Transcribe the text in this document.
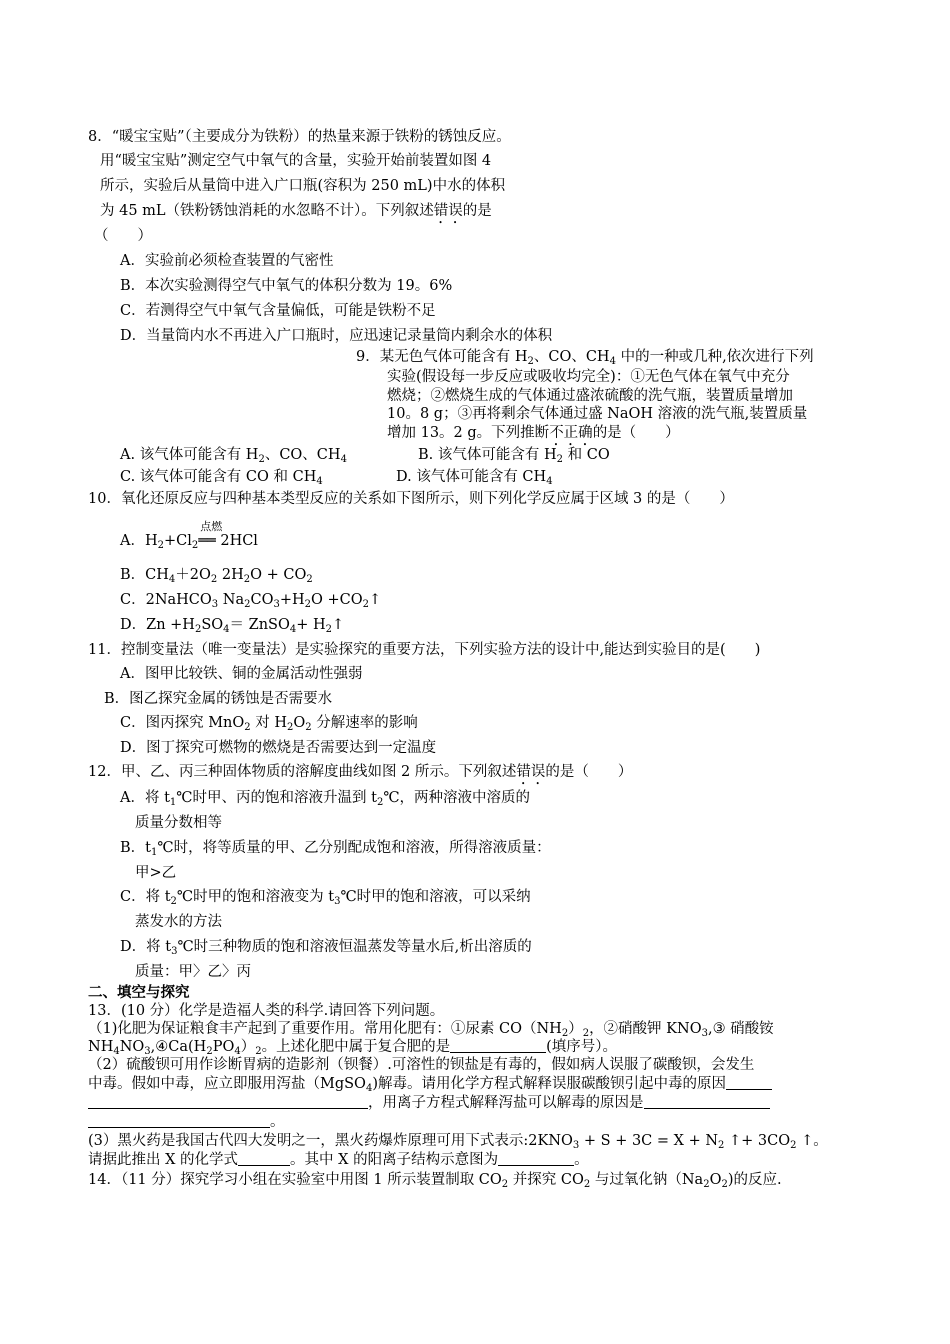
8．“暖宝宝贴”（主要成分为铁粉）的热量来源于铁粉的锈蚀反应。
用“暖宝宝贴”测定空气中氧气的含量，实验开始前装置如图 4
所示，实验后从量筒中进入广口瓶(容积为 250 mL)中水的体积
为 45 mL（铁粉锈蚀消耗的水忽略不计）。下列叙述错误的是
（　　）
A．实验前必须检查装置的气密性
B．本次实验测得空气中氧气的体积分数为 19。6%
C．若测得空气中氧气含量偏低，可能是铁粉不足
D．当量筒内水不再进入广口瓶时，应迅速记录量筒内剩余水的体积
9．某无色气体可能含有 $H_2$、CO、$CH_4$ 中的一种或几种,依次进行下列
实验(假设每一步反应或吸收均完全)：①无色气体在氧气中充分
燃烧；②燃烧生成的气体通过盛浓硫酸的洗气瓶，装置质量增加
10。8 g；③再将剩余气体通过盛 NaOH 溶液的洗气瓶,装置质量
增加 13。2 g。下列推断不正确的是（　　）
A. 该气体可能含有 $H_2$、CO、$CH_4$	B. 该气体可能含有 $H_2$ 和 CO
C. 该气体可能含有 CO 和 $CH_4$	D. 该气体可能含有 $CH_4$
10．氧化还原反应与四种基本类型反应的关系如下图所示，则下列化学反应属于区域 3 的是（　　）
A．$H_2+Cl_2$
点燃
══ 2HCl
B．$CH_4+2O_2$ $2H_2O + CO_2$
C．2NaHCO$_3$ $Na_2CO_3+H_2O$ $+CO_2↑$
D．$Zn +H_2SO_4=$ ZnSO$_4$+ $H_2↑$
11．控制变量法（唯一变量法）是实验探究的重要方法，下列实验方法的设计中,能达到实验目的是(　　)
A．图甲比较铁、铜的金属活动性强弱
B．图乙探究金属的锈蚀是否需要水
C．图丙探究 MnO$_2$ 对 $H_2O_2$ 分解速率的影响
D．图丁探究可燃物的燃烧是否需要达到一定温度
12．甲、乙、丙三种固体物质的溶解度曲线如图 2 所示。下列叙述错误的是（　　）
A．将 $t_1℃$时甲、丙的饱和溶液升温到 $t_2℃$，两种溶液中溶质的
质量分数相等
B．$t_1℃$时，将等质量的甲、乙分别配成饱和溶液，所得溶液质量：
甲>乙
C．将 $t_2℃$时甲的饱和溶液变为 $t_3℃$时甲的饱和溶液，可以采纳
蒸发水的方法
D．将 $t_3℃$时三种物质的饱和溶液恒温蒸发等量水后,析出溶质的
质量：甲〉乙〉丙
二、填空与探究
13．(10 分）化学是造福人类的科学.请回答下列问题。
（1)化肥为保证粮食丰产起到了重要作用。常用化肥有：①尿素 $CO(NH_2)_2$，②硝酸钾 $KNO_3,③$ 硝酸铵
$NH_4NO_3,④Ca(H_2PO_4)_2$。上述化肥中属于复合肥的是	(填序号）。
（2）硫酸钡可用作诊断胃病的造影剂（钡餐）.可溶性的钡盐是有毒的，假如病人误服了碳酸钡，会发生
中毒。假如中毒，应立即服用泻盐（MgSO$_4$)解毒。请用化学方程式解释误服碳酸钡引起中毒的原因
，用离子方程式解释泻盐可以解毒的原因是
。
(3）黑火药是我国古代四大发明之一，黑火药爆炸原理可用下式表示$:2KNO_3 + S + 3C = X + N_2$ ↑+ $3CO_2$ ↑。
请据此推出 X 的化学式	。其中 X 的阳离子结构示意图为	。
14．（11 分）探究学习小组在实验室中用图 1 所示装置制取 $CO_2$ 并探究 $CO_2$ 与过氧化钠$(Na_2O_2)$的反应.
